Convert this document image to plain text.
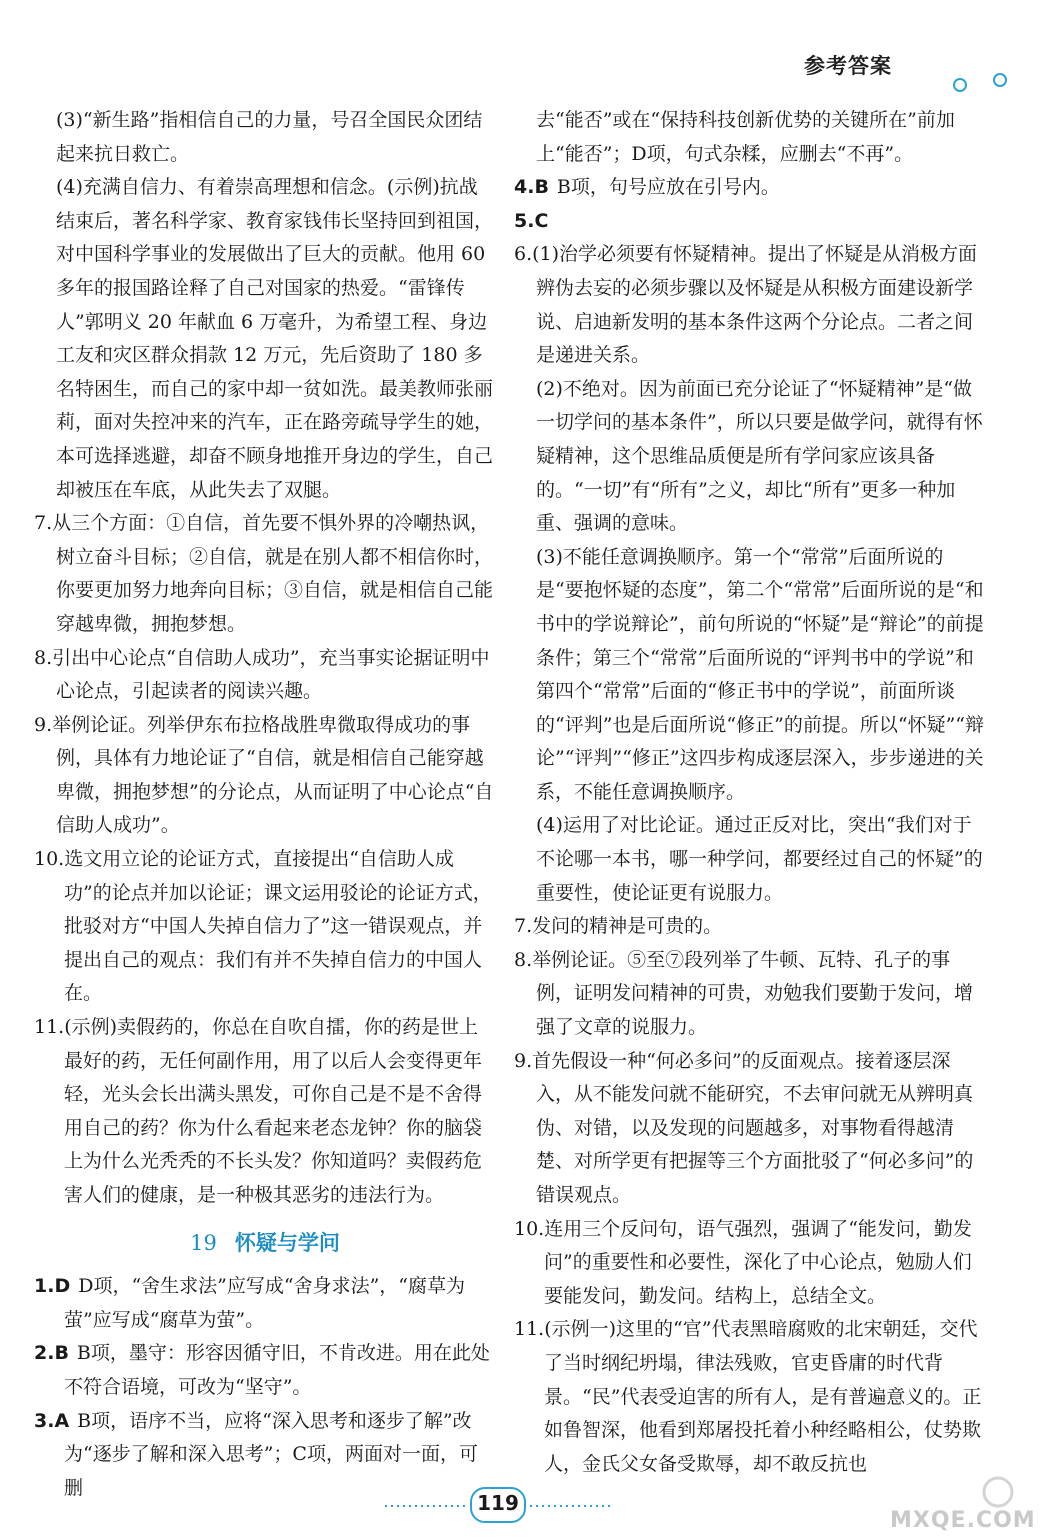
参考答案

(3)“新生路”指相信自己的力量，号召全国民众团结起来抗日救亡。

(4)充满自信力、有着崇高理想和信念。(示例)抗战结束后，著名科学家、教育家钱伟长坚持回到祖国，对中国科学事业的发展做出了巨大的贡献。他用 60 多年的报国路诠释了自己对国家的热爱。“雷锋传人”郭明义 20 年献血 6 万毫升，为希望工程、身边工友和灾区群众捐款 12 万元，先后资助了 180 多名特困生，而自己的家中却一贫如洗。最美教师张丽莉，面对失控冲来的汽车，正在路旁疏导学生的她，本可选择逃避，却奋不顾身地推开身边的学生，自己却被压在车底，从此失去了双腿。

7.从三个方面：①自信，首先要不惧外界的冷嘲热讽，树立奋斗目标；②自信，就是在别人都不相信你时，你要更加努力地奔向目标；③自信，就是相信自己能穿越卑微，拥抱梦想。

8.引出中心论点“自信助人成功”，充当事实论据证明中心论点，引起读者的阅读兴趣。

9.举例论证。列举伊东布拉格战胜卑微取得成功的事例，具体有力地论证了“自信，就是相信自己能穿越卑微，拥抱梦想”的分论点，从而证明了中心论点“自信助人成功”。

10.选文用立论的论证方式，直接提出“自信助人成功”的论点并加以论证；课文运用驳论的论证方式，批驳对方“中国人失掉自信力了”这一错误观点，并提出自己的观点：我们有并不失掉自信力的中国人在。

11.(示例)卖假药的，你总在自吹自擂，你的药是世上最好的药，无任何副作用，用了以后人会变得更年轻，光头会长出满头黑发，可你自己是不是不舍得用自己的药？你为什么看起来老态龙钟？你的脑袋上为什么光秃秃的不长头发？你知道吗？卖假药危害人们的健康，是一种极其恶劣的违法行为。

19 怀疑与学问

1.D D项，“舍生求法”应写成“舍身求法”，“腐草为萤”应写成“腐草为萤”。

2.B B项，墨守：形容因循守旧，不肯改进。用在此处不符合语境，可改为“坚守”。

3.A B项，语序不当，应将“深入思考和逐步了解”改为“逐步了解和深入思考”；C项，两面对一面，可删

去“能否”或在“保持科技创新优势的关键所在”前加上“能否”；D项，句式杂糅，应删去“不再”。

4.B B项，句号应放在引号内。

5.C

6.(1)治学必须要有怀疑精神。提出了怀疑是从消极方面辨伪去妄的必须步骤以及怀疑是从积极方面建设新学说、启迪新发明的基本条件这两个分论点。二者之间是递进关系。

(2)不绝对。因为前面已充分论证了“怀疑精神”是“做一切学问的基本条件”，所以只要是做学问，就得有怀疑精神，这个思维品质便是所有学问家应该具备的。“一切”有“所有”之义，却比“所有”更多一种加重、强调的意味。

(3)不能任意调换顺序。第一个“常常”后面所说的是“要抱怀疑的态度”，第二个“常常”后面所说的是“和书中的学说辩论”，前句所说的“怀疑”是“辩论”的前提条件；第三个“常常”后面所说的“评判书中的学说”和第四个“常常”后面的“修正书中的学说”，前面所谈的“评判”也是后面所说“修正”的前提。所以“怀疑”“辩论”“评判”“修正”这四步构成逐层深入，步步递进的关系，不能任意调换顺序。

(4)运用了对比论证。通过正反对比，突出“我们对于不论哪一本书，哪一种学问，都要经过自己的怀疑”的重要性，使论证更有说服力。

7.发问的精神是可贵的。

8.举例论证。⑤至⑦段列举了牛顿、瓦特、孔子的事例，证明发问精神的可贵，劝勉我们要勤于发问，增强了文章的说服力。

9.首先假设一种“何必多问”的反面观点。接着逐层深入，从不能发问就不能研究，不去审问就无从辨明真伪、对错，以及发现的问题越多，对事物看得越清楚、对所学更有把握等三个方面批驳了“何必多问”的错误观点。

10.连用三个反问句，语气强烈，强调了“能发问，勤发问”的重要性和必要性，深化了中心论点，勉励人们要能发问，勤发问。结构上，总结全文。

11.(示例一)这里的“官”代表黑暗腐败的北宋朝廷，交代了当时纲纪坍塌，律法残败，官吏昏庸的时代背景。“民”代表受迫害的所有人，是有普遍意义的。正如鲁智深，他看到郑屠投托着小种经略相公，仗势欺人，金氏父女备受欺辱，却不敢反抗也

119
MXQE.COM
